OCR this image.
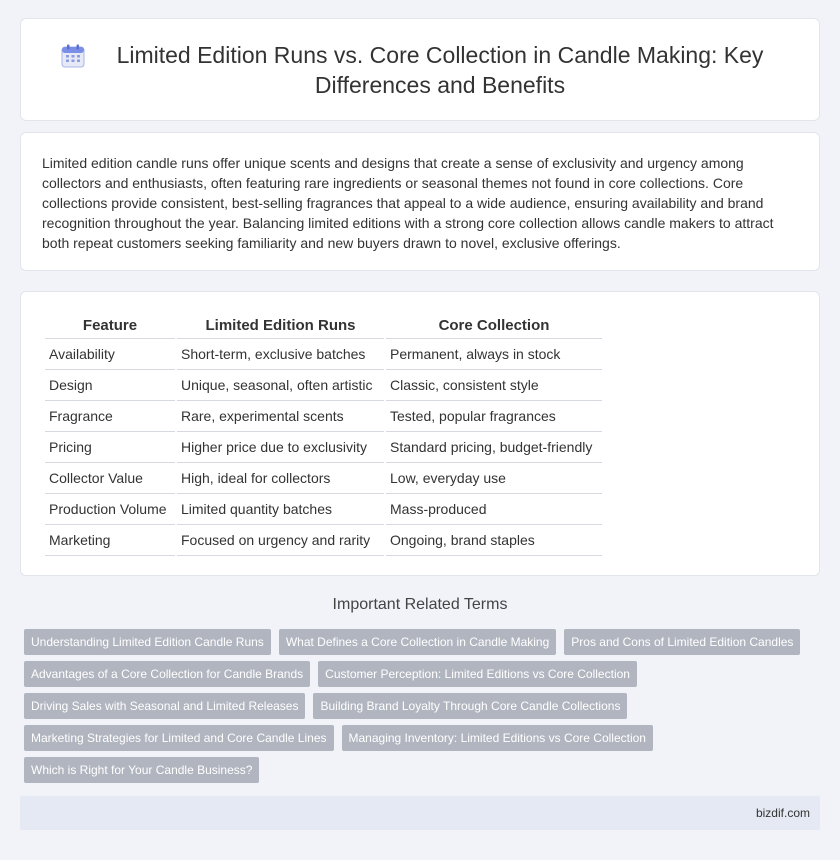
Limited Edition Runs vs. Core Collection in Candle Making: Key Differences and Benefits

Limited edition candle runs offer unique scents and designs that create a sense of exclusivity and urgency among collectors and enthusiasts, often featuring rare ingredients or seasonal themes not found in core collections. Core collections provide consistent, best-selling fragrances that appeal to a wide audience, ensuring availability and brand recognition throughout the year. Balancing limited editions with a strong core collection allows candle makers to attract both repeat customers seeking familiarity and new buyers drawn to novel, exclusive offerings.

Feature	Limited Edition Runs	Core Collection
Availability	Short-term, exclusive batches	Permanent, always in stock
Design	Unique, seasonal, often artistic	Classic, consistent style
Fragrance	Rare, experimental scents	Tested, popular fragrances
Pricing	Higher price due to exclusivity	Standard pricing, budget-friendly
Collector Value	High, ideal for collectors	Low, everyday use
Production Volume	Limited quantity batches	Mass-produced
Marketing	Focused on urgency and rarity	Ongoing, brand staples
Important Related Terms
Understanding Limited Edition Candle Runs	What Defines a Core Collection in Candle Making	Pros and Cons of Limited Edition Candles
Advantages of a Core Collection for Candle Brands	Customer Perception: Limited Editions vs Core Collection
Driving Sales with Seasonal and Limited Releases	Building Brand Loyalty Through Core Candle Collections
Marketing Strategies for Limited and Core Candle Lines	Managing Inventory: Limited Editions vs Core Collection
Which is Right for Your Candle Business?
bizdif.com
